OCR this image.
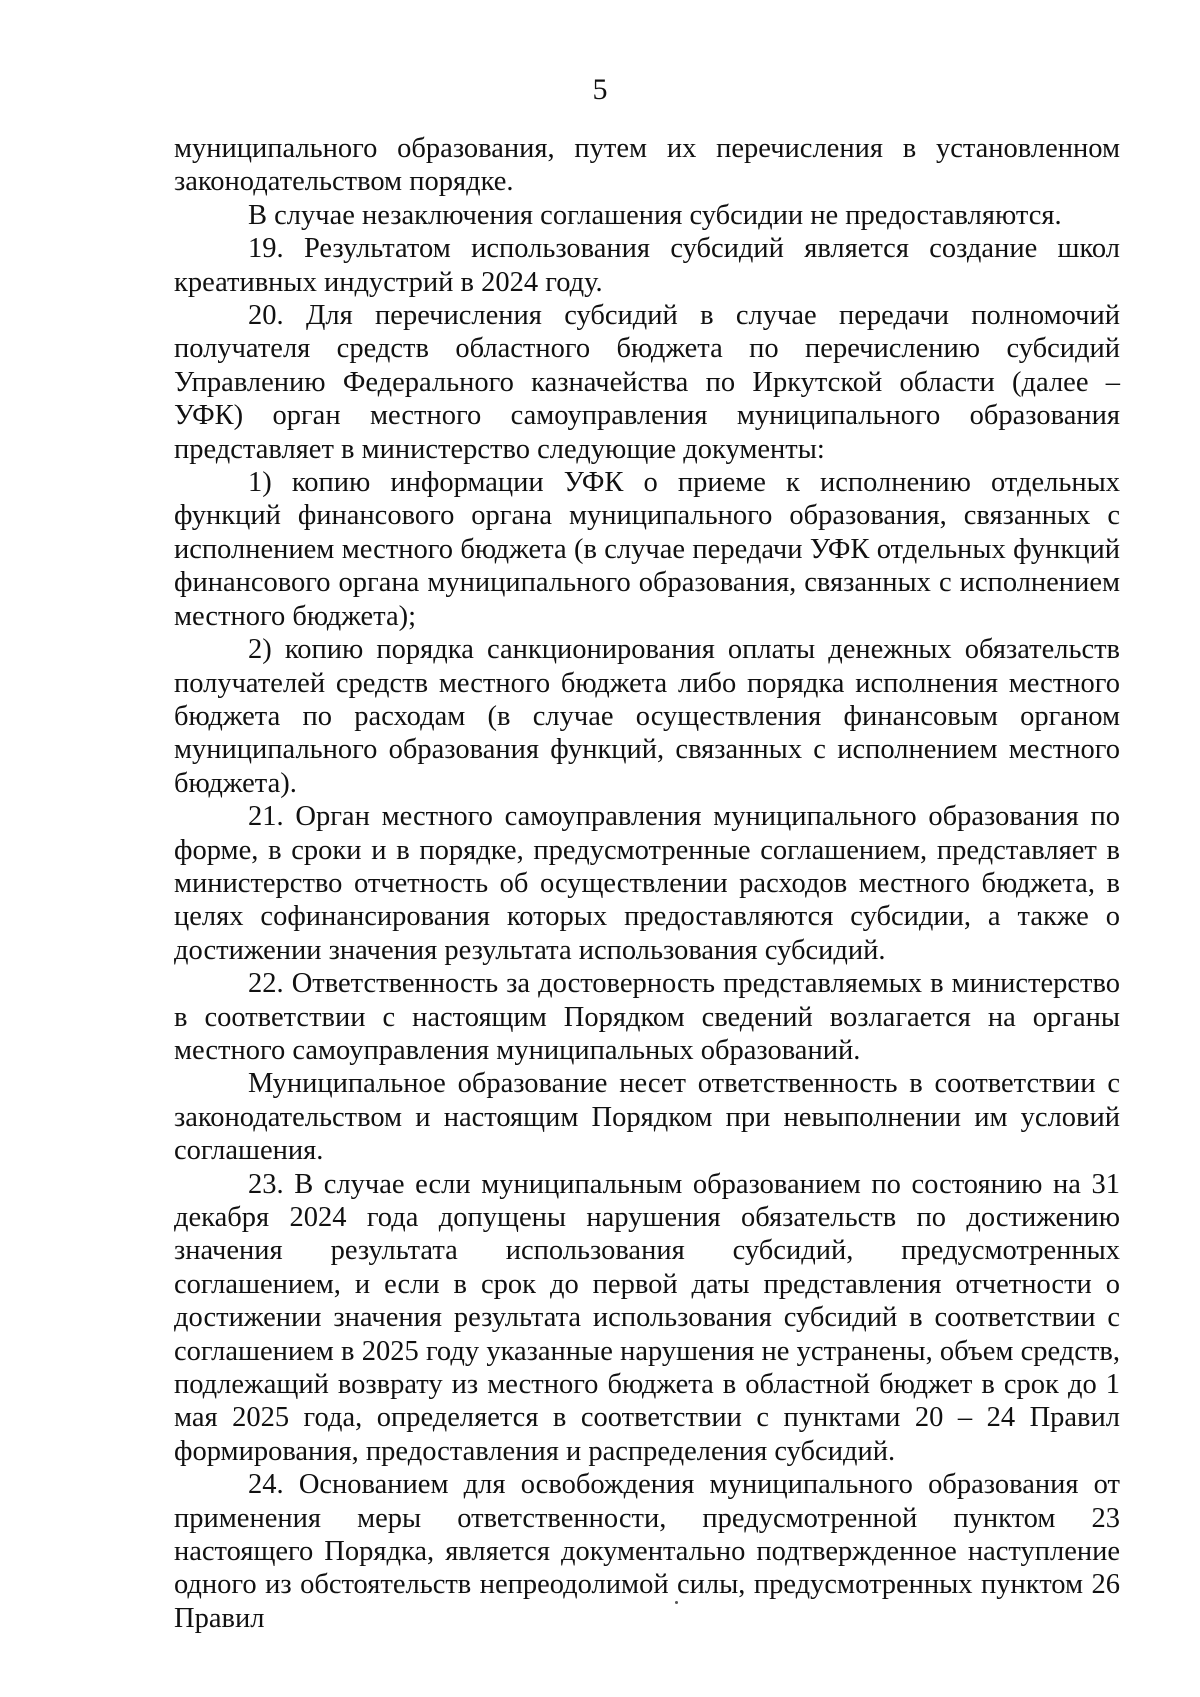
5

муниципального образования, путем их перечисления в установленном законодательством порядке.

В случае незаключения соглашения субсидии не предоставляются.

19. Результатом использования субсидий является создание школ креативных индустрий в 2024 году.

20. Для перечисления субсидий в случае передачи полномочий получателя средств областного бюджета по перечислению субсидий Управлению Федерального казначейства по Иркутской области (далее – УФК) орган местного самоуправления муниципального образования представляет в министерство следующие документы:

1) копию информации УФК о приеме к исполнению отдельных функций финансового органа муниципального образования, связанных с исполнением местного бюджета (в случае передачи УФК отдельных функций финансового органа муниципального образования, связанных с исполнением местного бюджета);

2) копию порядка санкционирования оплаты денежных обязательств получателей средств местного бюджета либо порядка исполнения местного бюджета по расходам (в случае осуществления финансовым органом муниципального образования функций, связанных с исполнением местного бюджета).

21. Орган местного самоуправления муниципального образования по форме, в сроки и в порядке, предусмотренные соглашением, представляет в министерство отчетность об осуществлении расходов местного бюджета, в целях софинансирования которых предоставляются субсидии, а также о достижении значения результата использования субсидий.

22. Ответственность за достоверность представляемых в министерство в соответствии с настоящим Порядком сведений возлагается на органы местного самоуправления муниципальных образований.

Муниципальное образование несет ответственность в соответствии с законодательством и настоящим Порядком при невыполнении им условий соглашения.

23. В случае если муниципальным образованием по состоянию на 31 декабря 2024 года допущены нарушения обязательств по достижению значения результата использования субсидий, предусмотренных соглашением, и если в срок до первой даты представления отчетности о достижении значения результата использования субсидий в соответствии с соглашением в 2025 году указанные нарушения не устранены, объем средств, подлежащий возврату из местного бюджета в областной бюджет в срок до 1 мая 2025 года, определяется в соответствии с пунктами 20 – 24 Правил формирования, предоставления и распределения субсидий.

24. Основанием для освобождения муниципального образования от применения меры ответственности, предусмотренной пунктом 23 настоящего Порядка, является документально подтвержденное наступление одного из обстоятельств непреодолимой силы, предусмотренных пунктом 26 Правил
